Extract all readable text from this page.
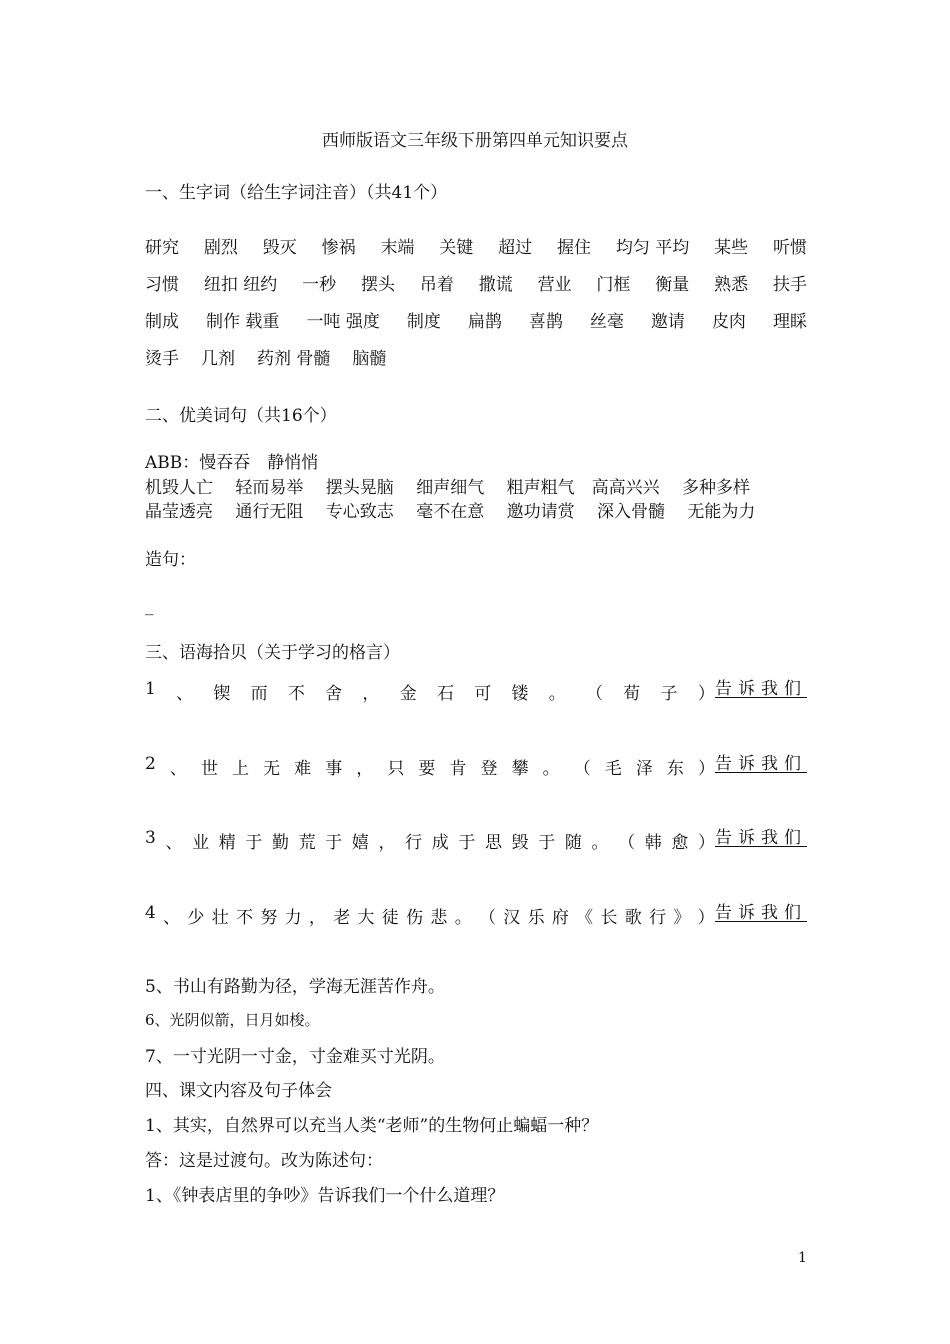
西师版语文三年级下册第四单元知识要点
一、生字词（给生字词注音）（共41个）
研究 剧烈 毁灭 惨祸 末端 关键 超过 握住 均匀 平均 某些 听惯
习惯 纽扣 纽约 一秒 摆头 吊着 撒谎 营业 门框 衡量 熟悉 扶手
制成 制作 载重 一吨 强度 制度 扁鹊 喜鹊 丝毫 邀请 皮肉 理睬
烫手 几剂 药剂 骨髓 脑髓
二、优美词句（共16个）
ABB：慢吞吞　静悄悄
机毁人亡　 轻而易举　 摆头晃脑　 细声细气　 粗声粗气　高高兴兴　 多种多样
晶莹透亮　 通行无阻　 专心致志　 毫不在意　 邀功请赏　 深入骨髓　 无能为力
造句：
_
三、语海拾贝（关于学习的格言）
1 、 锲 而 不 舍 ， 金 石 可 镂 。 （ 荀 子 ） 告诉我们
2 、 世 上 无 难 事 ， 只 要 肯 登 攀 。 （ 毛 泽 东 ） 告诉我们
3 、 业 精 于 勤 荒 于 嬉 ， 行 成 于 思 毁 于 随 。 （ 韩 愈 ） 告诉我们
4 、 少 壮 不 努 力 ， 老 大 徒 伤 悲 。 （ 汉 乐 府 《 长 歌 行 》 ） 告诉我们
5、书山有路勤为径，学海无涯苦作舟。
6、光阴似箭，日月如梭。
7、一寸光阴一寸金，寸金难买寸光阴。
四、课文内容及句子体会
1、其实，自然界可以充当人类“老师”的生物何止蝙蝠一种？
答：这是过渡句。改为陈述句：
1、《钟表店里的争吵》告诉我们一个什么道理？
1
